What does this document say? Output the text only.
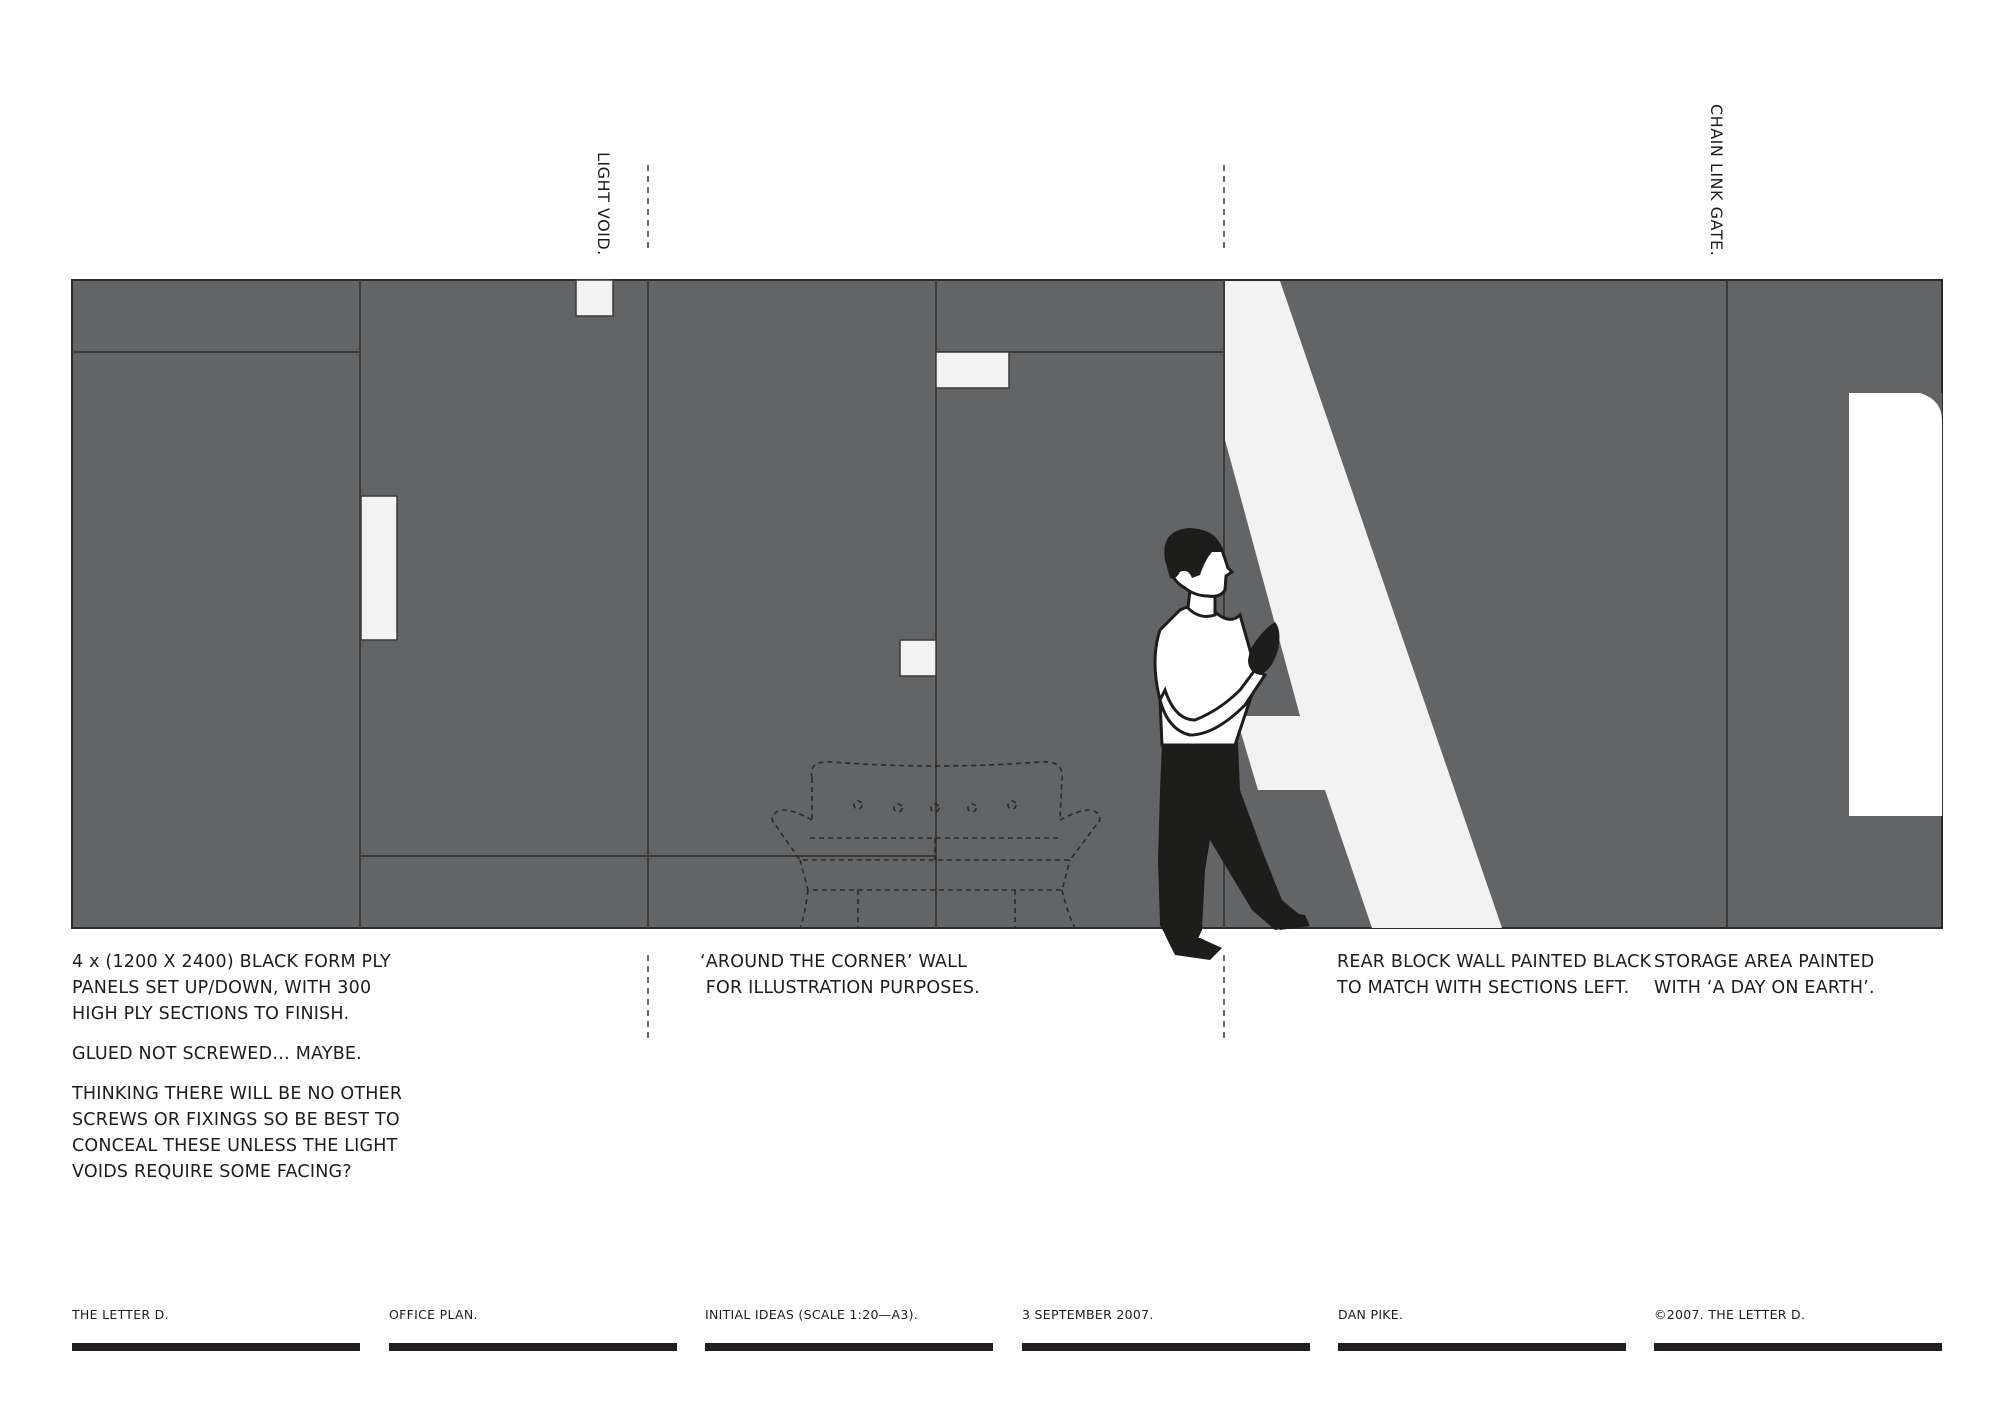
LIGHT VOID.	CHAIN LINK GATE.

4 x (1200 X 2400) BLACK FORM PLY
PANELS SET UP/DOWN, WITH 300
HIGH PLY SECTIONS TO FINISH.

GLUED NOT SCREWED… MAYBE.

THINKING THERE WILL BE NO OTHER
SCREWS OR FIXINGS SO BE BEST TO
CONCEAL THESE UNLESS THE LIGHT
VOIDS REQUIRE SOME FACING?

‘AROUND THE CORNER’ WALL
FOR ILLUSTRATION PURPOSES.
REAR BLOCK WALL PAINTED BLACK
TO MATCH WITH SECTIONS LEFT.
STORAGE AREA PAINTED
WITH ‘A DAY ON EARTH’.
THE LETTER D.	OFFICE PLAN.	INITIAL IDEAS (SCALE 1:20—A3).	3 SEPTEMBER 2007.	DAN PIKE.	©2007. THE LETTER D.
